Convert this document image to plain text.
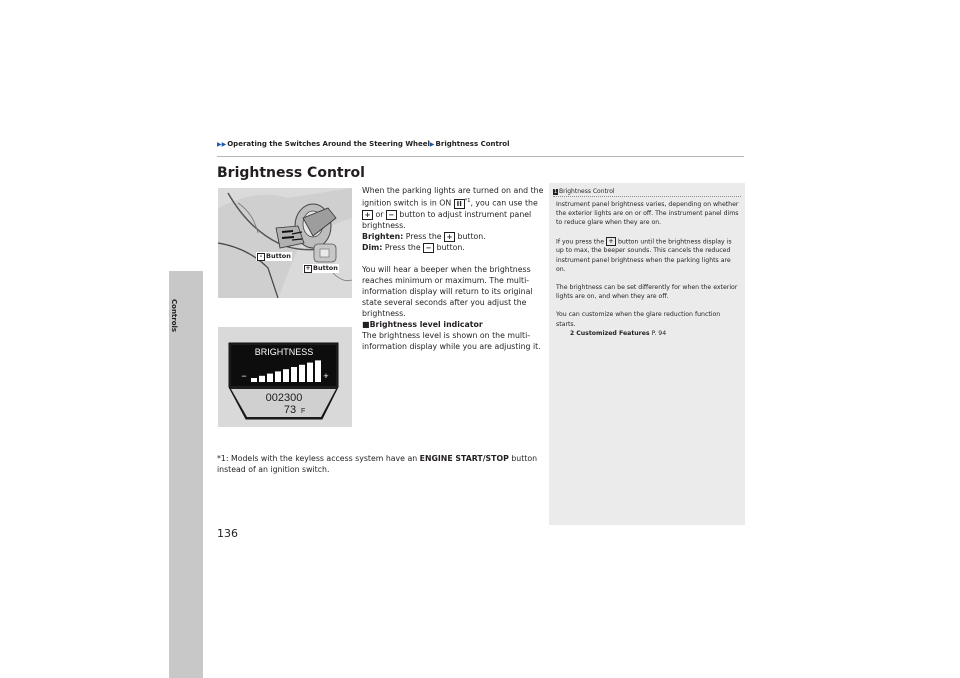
Controls
▶▶Operating the Switches Around the Steering Wheel▶Brightness Control
Brightness Control
- Button
+ Button
BRIGHTNESS
−	+
002300
73 F

When the parking lights are turned on and the ignition switch is in ON II $^{*1}$, you can use the + or − button to adjust instrument panel brightness.

Brighten: Press the + button.

Dim: Press the − button.

You will hear a beeper when the brightness reaches minimum or maximum. The multi-information display will return to its original state several seconds after you adjust the brightness.

■Brightness level indicator

The brightness level is shown on the multi-information display while you are adjusting it.

*1: Models with the keyless access system have an ENGINE START/STOP button instead of an ignition switch.
1 Brightness Control

Instrument panel brightness varies, depending on whether the exterior lights are on or off. The instrument panel dims to reduce glare when they are on.

If you press the + button until the brightness display is up to max, the beeper sounds. This cancels the reduced instrument panel brightness when the parking lights are on.

The brightness can be set differently for when the exterior lights are on, and when they are off.

You can customize when the glare reduction function starts.

2 Customized Features P. 94

136
